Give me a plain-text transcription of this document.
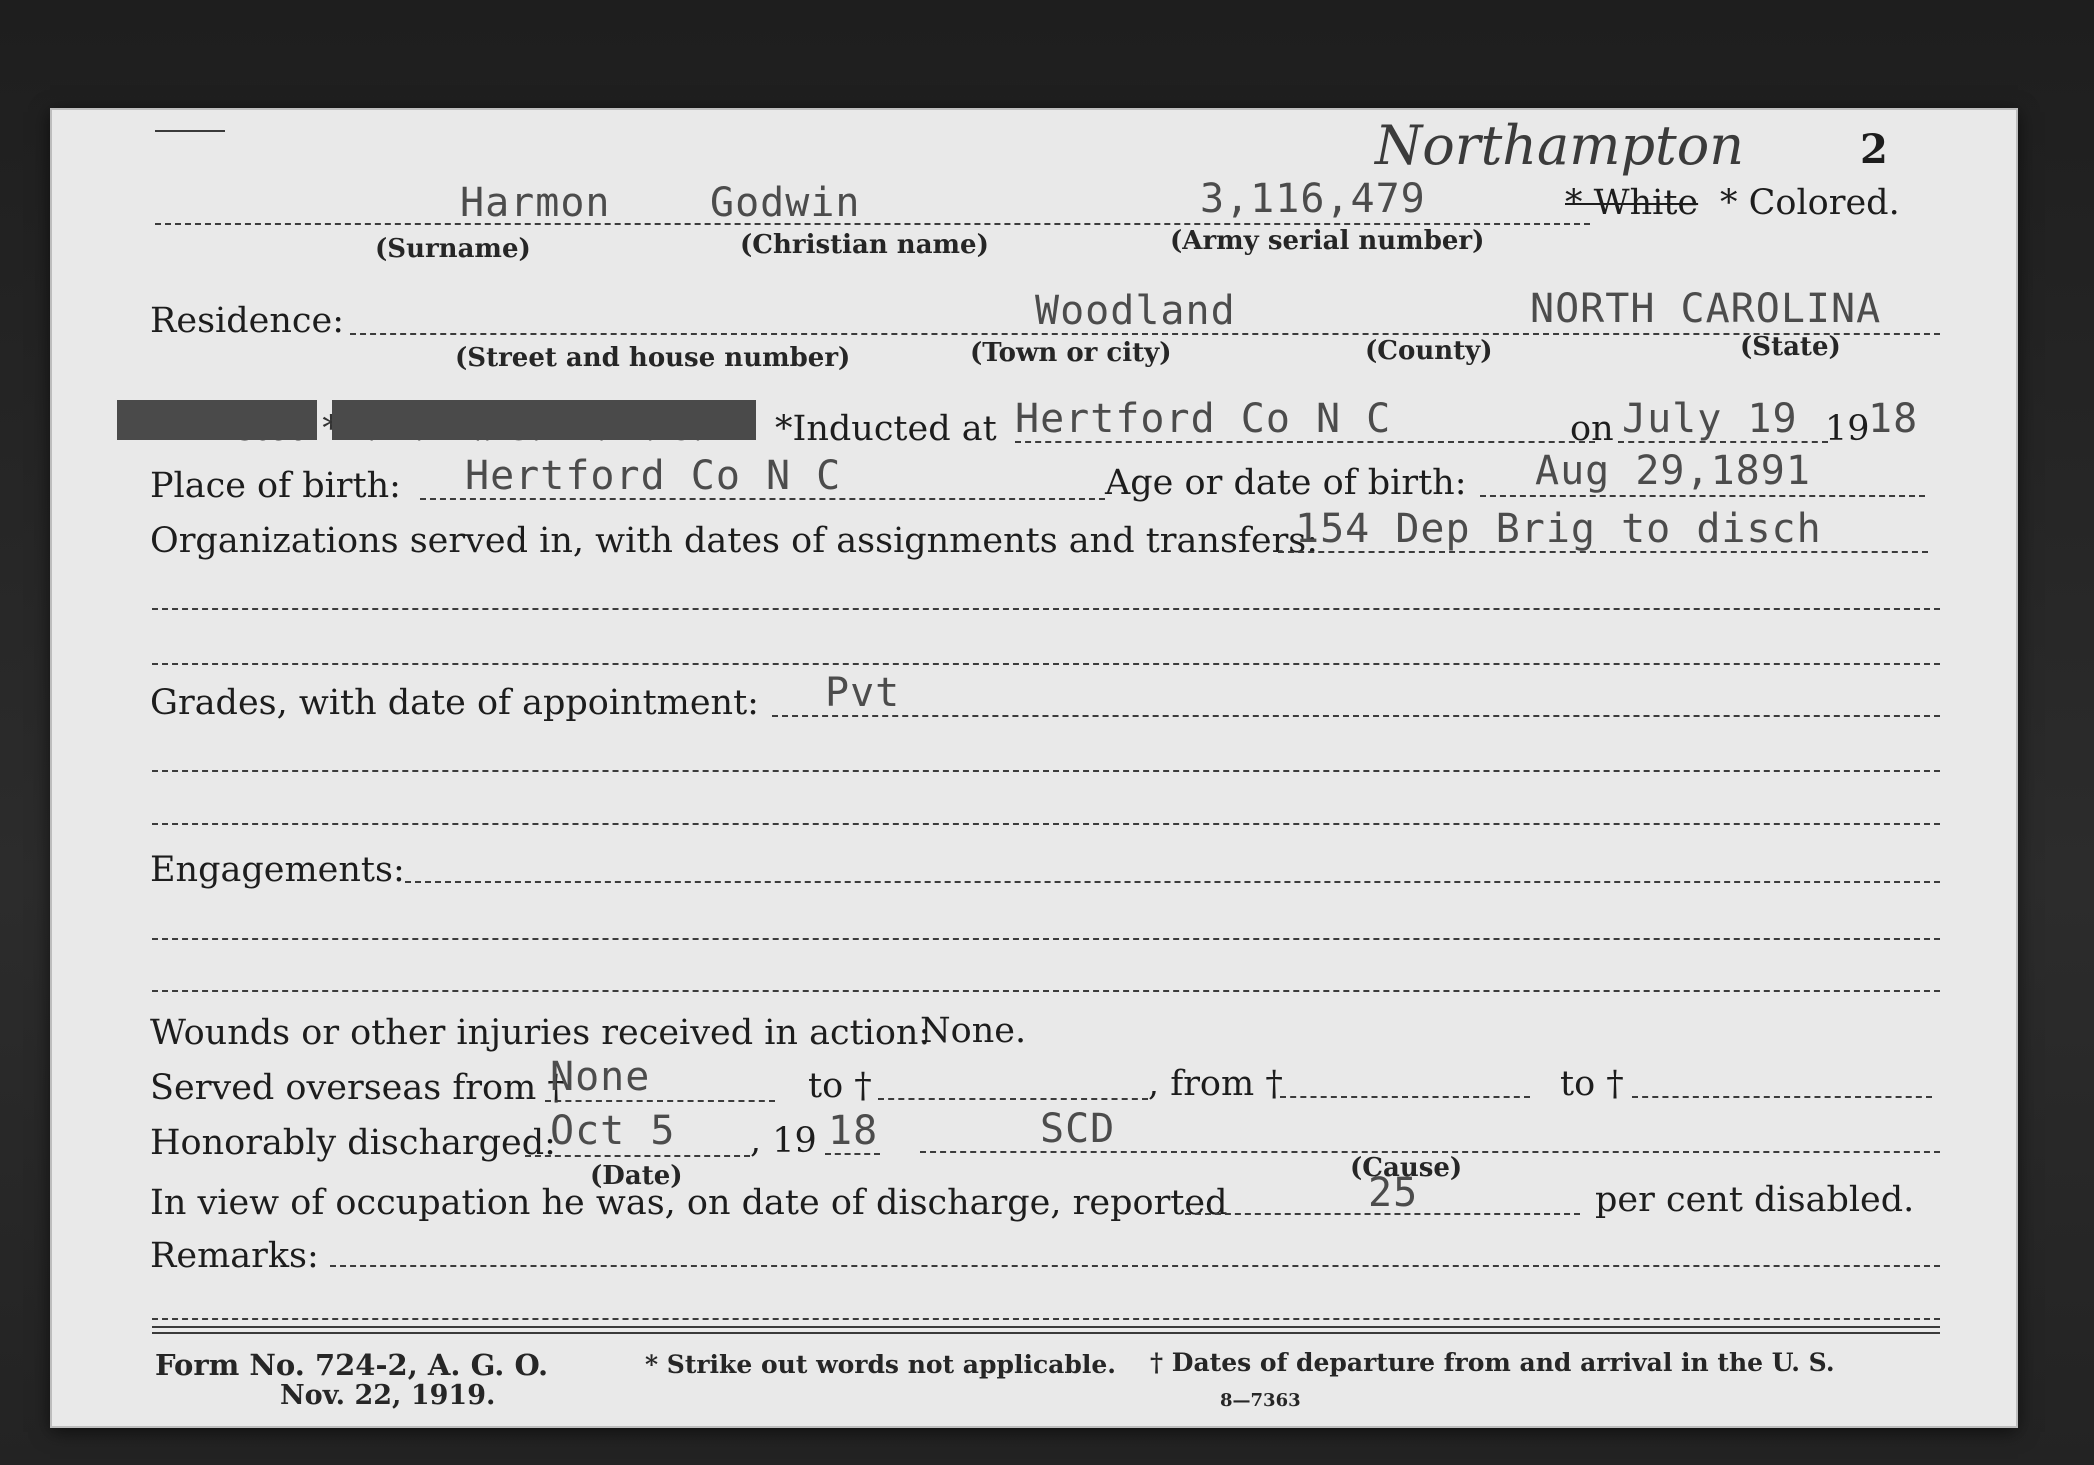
Northampton	2
Harmon Godwin	3,116,479	* White * Colored.
(Surname)	(Christian name)	(Army serial number)
Residence:	Woodland	NORTH CAROLINA
(Street and house number)	(Town or city)	(County)	(State)
*Inducted at Hertford Co N C	on July 19 19
18
Place of birth: Hertford Co N C	Age or date of birth: Aug 29,1891
Organizations served in, with dates of assignments and transfers:
154 Dep Brig to disch
Grades, with date of appointment: Pvt
Engagements:
Wounds or other injuries received in action:
None.
Served overseas from †
None	to †	, from †	to †
Honorably discharged:
Oct 5 , 19 18	SCD
(Date)	(Cause)
In view of occupation he was, on date of discharge, reported	25	per cent disabled.
Remarks:
Form No. 724-2, A. G. O.
Nov. 22, 1919.
* Strike out words not applicable. † Dates of departure from and arrival in the U. S.
8—7363
